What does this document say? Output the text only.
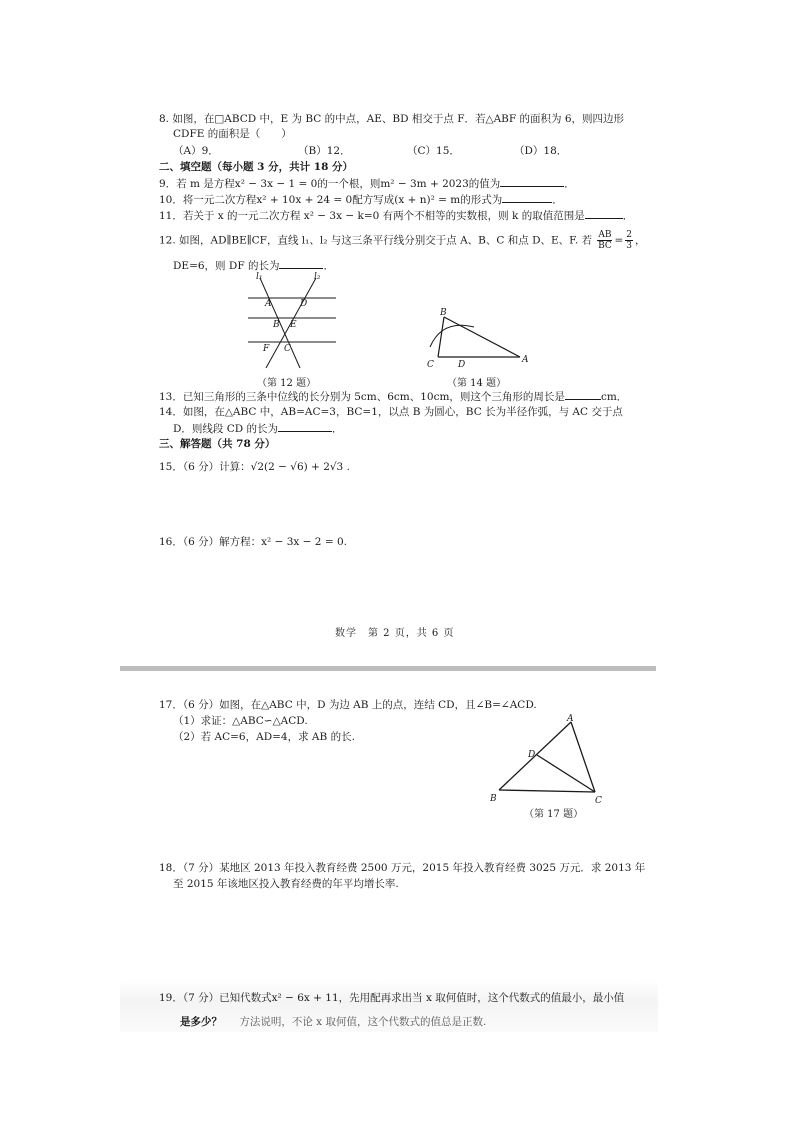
8. 如图，在□ABCD 中，E 为 BC 的中点，AE、BD 相交于点 F．若△ABF 的面积为 6，则四边形
CDFE 的面积是（　　）
（A）9．	（B）12．	（C）15．	（D）18．
二、填空题（每小题 3 分，共计 18 分）
9．若 m 是方程x² − 3x − 1 = 0的一个根，则m² − 3m + 2023的值为	．
10．将一元二次方程x² + 10x + 24 = 0配方写成(x + n)² = m的形式为	．
11．若关于 x 的一元二次方程 x² − 3x − k=0 有两个不相等的实数根，则 k 的取值范围是	．
12. 如图，AD∥BE∥CF，直线 l₁、l₂ 与这三条平行线分别交于点 A、B、C 和点 D、E、F. 若 $\frac{AB}{BC} = \frac{2}{3}$ ，
DE=6，则 DF 的长为	．
l₁	l₂
A	D
B E
F C
（第 12 题）
B
C	D	A
（第 14 题）
13．已知三角形的三条中位线的长分别为 5cm、6cm、10cm，则这个三角形的周长是	cm．
14．如图，在△ABC 中，AB=AC=3，BC=1，以点 B 为圆心，BC 长为半径作弧，与 AC 交于点
D．则线段 CD 的长为	．
三、解答题（共 78 分）
15．（6 分）计算：√2(2 − √6) + 2√3 .
16．（6 分）解方程：x² − 3x − 2 = 0.
数学　第 2 页，共 6 页
17．（6 分）如图，在△ABC 中，D 为边 AB 上的点，连结 CD，且∠B=∠ACD.
（1）求证：△ABC∽△ACD.
（2）若 AC=6，AD=4，求 AB 的长.
A
D
B	C
（第 17 题）
18．（7 分）某地区 2013 年投入教育经费 2500 万元，2015 年投入教育经费 3025 万元．求 2013 年
至 2015 年该地区投入教育经费的年平均增长率.
19．（7 分）已知代数式x² − 6x + 11，先用配再求出当 x 取何值时，这个代数式的值最小，最小值
是多少？ 方法说明，不论 x 取何值，这个代数式的值总是正数.
